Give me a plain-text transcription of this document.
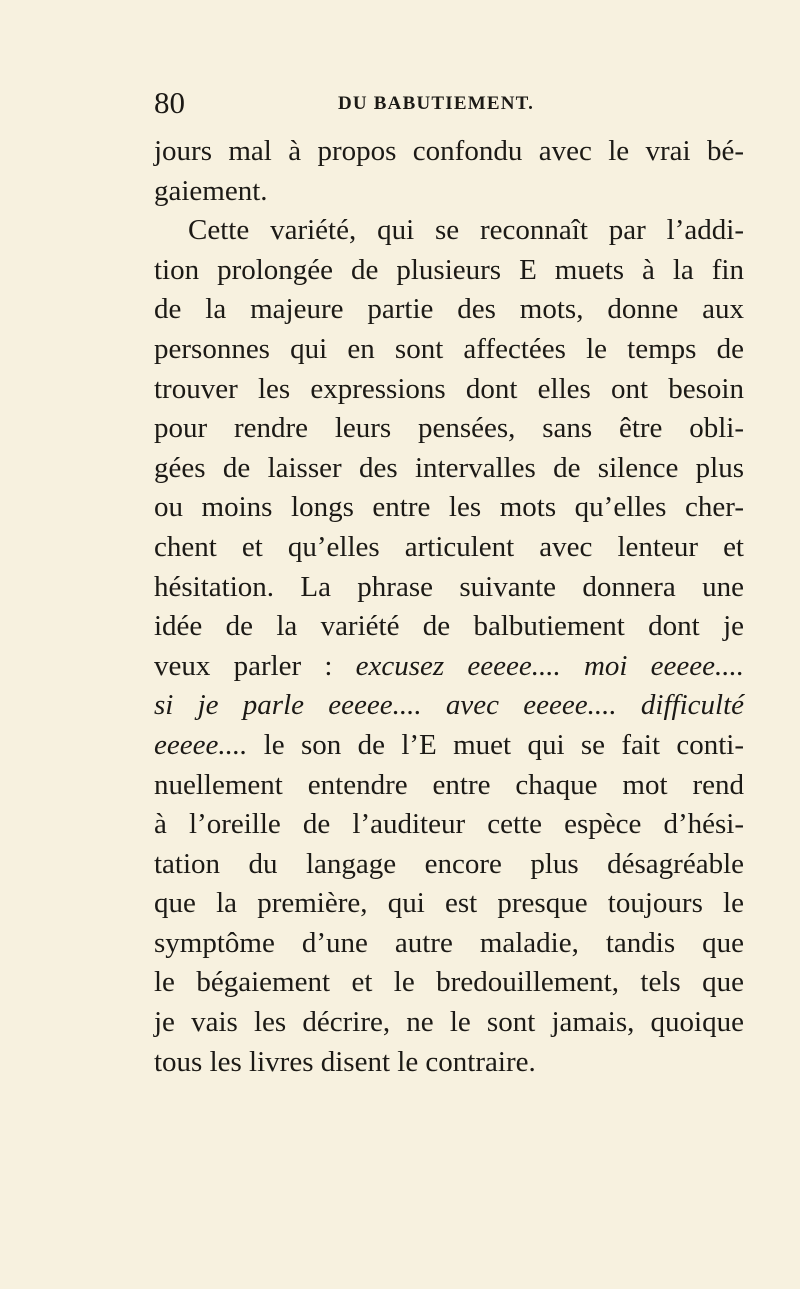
80	DU BABUTIEMENT.
jours mal à propos confondu avec le vrai bé-
gaiement.
Cette variété, qui se reconnaît par l’addi-
tion prolongée de plusieurs E muets à la fin
de la majeure partie des mots, donne aux
personnes qui en sont affectées le temps de
trouver les expressions dont elles ont besoin
pour rendre leurs pensées, sans être obli-
gées de laisser des intervalles de silence plus
ou moins longs entre les mots qu’elles cher-
chent et qu’elles articulent avec lenteur et
hésitation. La phrase suivante donnera une
idée de la variété de balbutiement dont je
veux parler : excusez eeeee.... moi eeeee....
si je parle eeeee.... avec eeeee.... difficulté
eeeee.... le son de l’E muet qui se fait conti-
nuellement entendre entre chaque mot rend
à l’oreille de l’auditeur cette espèce d’hési-
tation du langage encore plus désagréable
que la première, qui est presque toujours le
symptôme d’une autre maladie, tandis que
le bégaiement et le bredouillement, tels que
je vais les décrire, ne le sont jamais, quoique
tous les livres disent le contraire.
